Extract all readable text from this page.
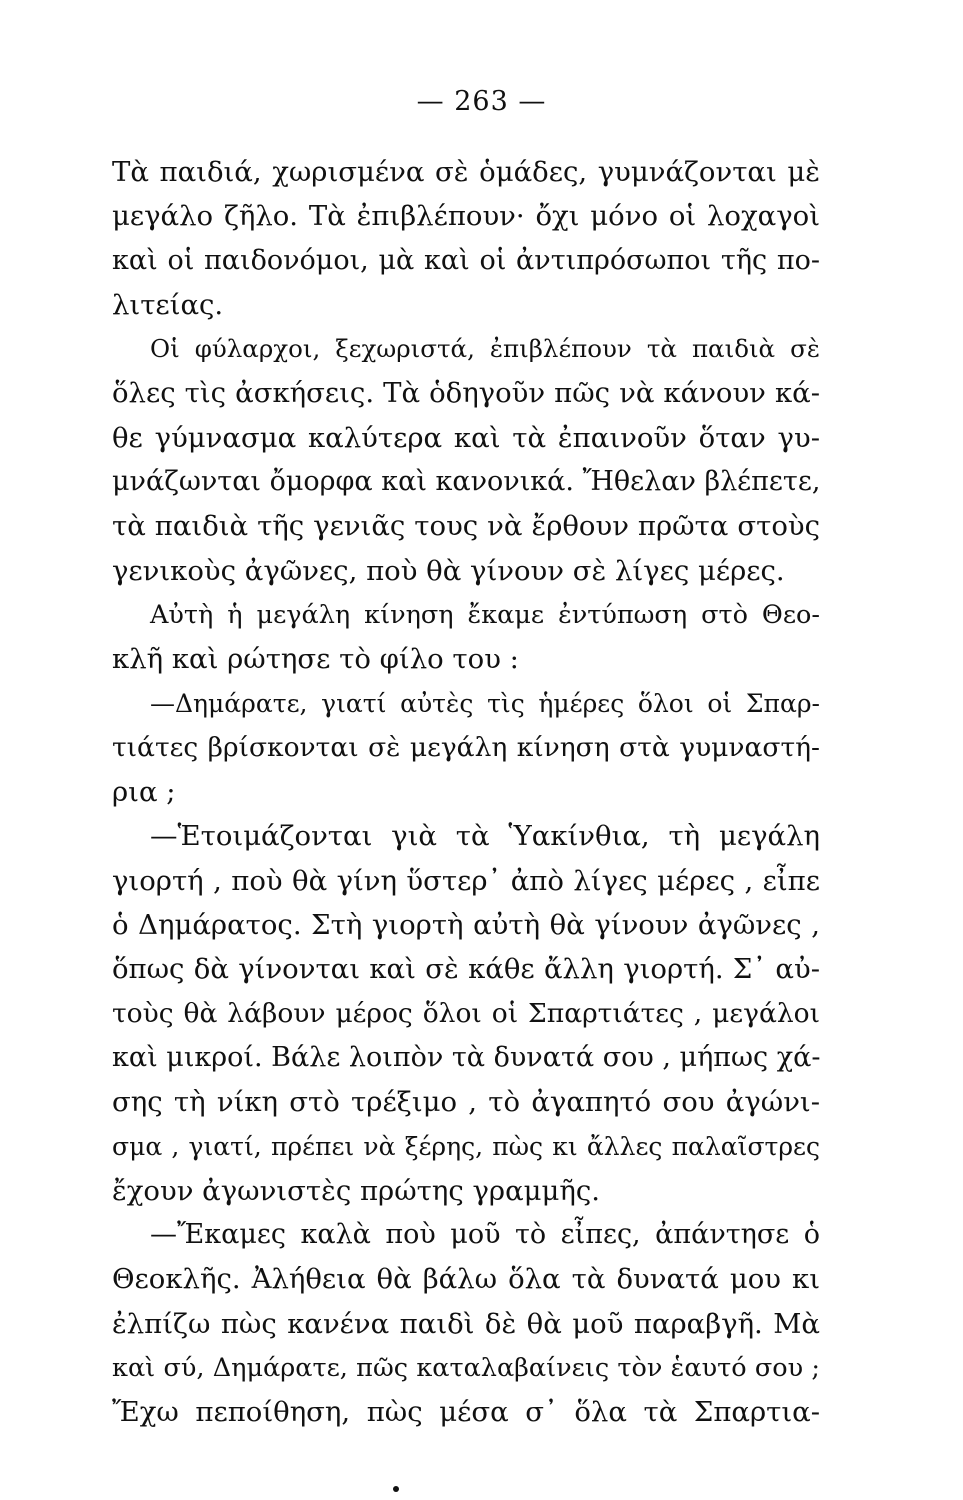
— 263 —
Τὰ παιδιά, χωρισμένα σὲ ὁμάδες, γυμνάζονται μὲ
μεγάλο ζῆλο. Τὰ ἐπιβλέπουν· ὄχι μόνο οἱ λοχαγοὶ
καὶ οἱ παιδονόμοι, μὰ καὶ οἱ ἀντιπρόσωποι τῆς πο-
λιτείας.
Οἱ φύλαρχοι, ξεχωριστά, ἐπιβλέπουν τὰ παιδιὰ σὲ
ὅλες τὶς ἀσκήσεις. Τὰ ὁδηγοῦν πῶς νὰ κάνουν κά-
θε γύμνασμα καλύτερα καὶ τὰ ἐπαινοῦν ὅταν γυ-
μνάζωνται ὄμορφα καὶ κανονικά. Ἤθελαν βλέπετε,
τὰ παιδιὰ τῆς γενιᾶς τους νὰ ἔρθουν πρῶτα στοὺς
γενικοὺς ἀγῶνες, ποὺ θὰ γίνουν σὲ λίγες μέρες.
Αὐτὴ ἡ μεγάλη κίνηση ἔκαμε ἐντύπωση στὸ Θεο-
κλῆ καὶ ρώτησε τὸ φίλο του :
—Δημάρατε, γιατί αὐτὲς τὶς ἡμέρες ὅλοι οἱ Σπαρ-
τιάτες βρίσκονται σὲ μεγάλη κίνηση στὰ γυμναστή-
ρια ;
—Ἑτοιμάζονται γιὰ τὰ Ὑακίνθια, τὴ μεγάλη
γιορτή , ποὺ θὰ γίνη ὕστερ᾽ ἀπὸ λίγες μέρες , εἶπε
ὁ Δημάρατος. Στὴ γιορτὴ αὐτὴ θὰ γίνουν ἀγῶνες ,
ὅπως δὰ γίνονται καὶ σὲ κάθε ἄλλη γιορτή. Σ᾽ αὐ-
τοὺς θὰ λάβουν μέρος ὅλοι οἱ Σπαρτιάτες , μεγάλοι
καὶ μικροί. Βάλε λοιπὸν τὰ δυνατά σου , μήπως χά-
σης τὴ νίκη στὸ τρέξιμο , τὸ ἀγαπητό σου ἀγώνι-
σμα , γιατί, πρέπει νὰ ξέρης, πὼς κι ἄλλες παλαῖστρες
ἔχουν ἀγωνιστὲς πρώτης γραμμῆς.
—Ἔκαμες καλὰ ποὺ μοῦ τὸ εἶπες, ἀπάντησε ὁ
Θεοκλῆς. Ἀλήθεια θὰ βάλω ὅλα τὰ δυνατά μου κι
ἐλπίζω πὼς κανένα παιδὶ δὲ θὰ μοῦ παραβγῆ. Μὰ
καὶ σύ, Δημάρατε, πῶς καταλαβαίνεις τὸν ἑαυτό σου ;
Ἔχω πεποίθηση, πὼς μέσα σ᾽ ὅλα τὰ Σπαρτια-
